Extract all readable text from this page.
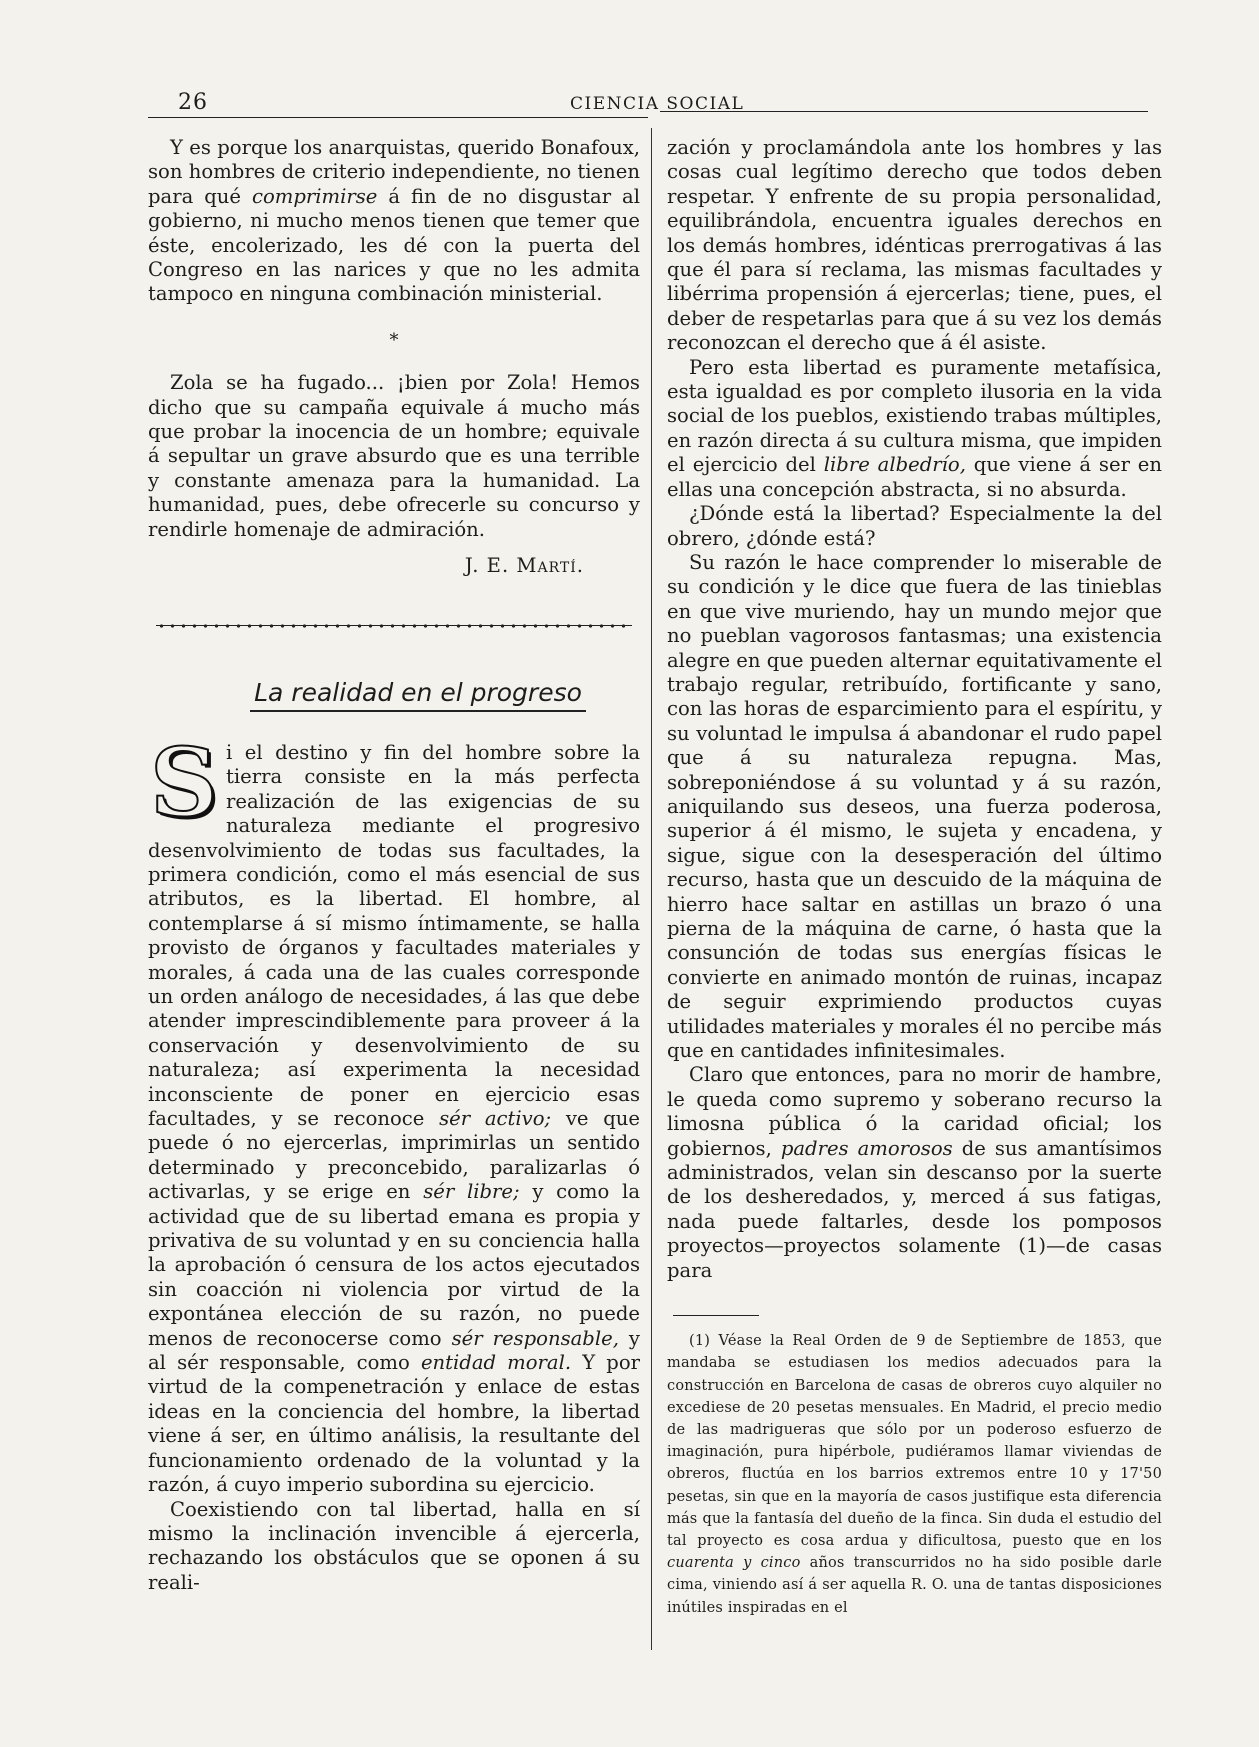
26	CIENCIA SOCIAL

Y es porque los anarquistas, querido Bonafoux, son hombres de criterio independiente, no tienen para qué comprimirse á fin de no disgustar al gobierno, ni mucho menos tienen que temer que éste, encolerizado, les dé con la puerta del Congreso en las narices y que no les admita tampoco en ninguna combinación ministerial.

*

Zola se ha fugado... ¡bien por Zola! Hemos dicho que su campaña equivale á mucho más que probar la inocencia de un hombre; equivale á sepultar un grave absurdo que es una terrible y constante amenaza para la humanidad. La humanidad, pues, debe ofrecerle su concurso y rendirle homenaje de admiración.

J. E. Martí.
La realidad en el progreso

Si el destino y fin del hombre sobre la tierra consiste en la más perfecta realización de las exigencias de su naturaleza mediante el progresivo desenvolvimiento de todas sus facultades, la primera condición, como el más esencial de sus atributos, es la libertad. El hombre, al contemplarse á sí mismo íntimamente, se halla provisto de órganos y facultades materiales y morales, á cada una de las cuales corresponde un orden análogo de necesidades, á las que debe atender imprescindiblemente para proveer á la conservación y desenvolvimiento de su naturaleza; así experimenta la necesidad inconsciente de poner en ejercicio esas facultades, y se reconoce sér activo; ve que puede ó no ejercerlas, imprimirlas un sentido determinado y preconcebido, paralizarlas ó activarlas, y se erige en sér libre; y como la actividad que de su libertad emana es propia y privativa de su voluntad y en su conciencia halla la aprobación ó censura de los actos ejecutados sin coacción ni violencia por virtud de la expontánea elección de su razón, no puede menos de reconocerse como sér responsable, y al sér responsable, como entidad moral. Y por virtud de la compenetración y enlace de estas ideas en la conciencia del hombre, la libertad viene á ser, en último análisis, la resultante del funcionamiento ordenado de la voluntad y la razón, á cuyo imperio subordina su ejercicio.

Coexistiendo con tal libertad, halla en sí mismo la inclinación invencible á ejercerla, rechazando los obstáculos que se oponen á su reali-

zación y proclamándola ante los hombres y las cosas cual legítimo derecho que todos deben respetar. Y enfrente de su propia personalidad, equilibrándola, encuentra iguales derechos en los demás hombres, idénticas prerrogativas á las que él para sí reclama, las mismas facultades y libérrima propensión á ejercerlas; tiene, pues, el deber de respetarlas para que á su vez los demás reconozcan el derecho que á él asiste.

Pero esta libertad es puramente metafísica, esta igualdad es por completo ilusoria en la vida social de los pueblos, existiendo trabas múltiples, en razón directa á su cultura misma, que impiden el ejercicio del libre albedrío, que viene á ser en ellas una concepción abstracta, si no absurda.

¿Dónde está la libertad? Especialmente la del obrero, ¿dónde está?

Su razón le hace comprender lo miserable de su condición y le dice que fuera de las tinieblas en que vive muriendo, hay un mundo mejor que no pueblan vagorosos fantasmas; una existencia alegre en que pueden alternar equitativamente el trabajo regular, retribuído, fortificante y sano, con las horas de esparcimiento para el espíritu, y su voluntad le impulsa á abandonar el rudo papel que á su naturaleza repugna. Mas, sobreponiéndose á su voluntad y á su razón, aniquilando sus deseos, una fuerza poderosa, superior á él mismo, le sujeta y encadena, y sigue, sigue con la desesperación del último recurso, hasta que un descuido de la máquina de hierro hace saltar en astillas un brazo ó una pierna de la máquina de carne, ó hasta que la consunción de todas sus energías físicas le convierte en animado montón de ruinas, incapaz de seguir exprimiendo productos cuyas utilidades materiales y morales él no percibe más que en cantidades infinitesimales.

Claro que entonces, para no morir de hambre, le queda como supremo y soberano recurso la limosna pública ó la caridad oficial; los gobiernos, padres amorosos de sus amantísimos administrados, velan sin descanso por la suerte de los desheredados, y, merced á sus fatigas, nada puede faltarles, desde los pomposos proyectos—proyectos solamente (1)—de casas para

(1) Véase la Real Orden de 9 de Septiembre de 1853, que mandaba se estudiasen los medios adecuados para la construcción en Barcelona de casas de obreros cuyo alquiler no excediese de 20 pesetas mensuales. En Madrid, el precio medio de las madrigueras que sólo por un poderoso esfuerzo de imaginación, pura hipérbole, pudiéramos llamar viviendas de obreros, fluctúa en los barrios extremos entre 10 y 17'50 pesetas, sin que en la mayoría de casos justifique esta diferencia más que la fantasía del dueño de la finca. Sin duda el estudio del tal proyecto es cosa ardua y dificultosa, puesto que en los cuarenta y cinco años transcurridos no ha sido posible darle cima, viniendo así á ser aquella R. O. una de tantas disposiciones inútiles inspiradas en el
